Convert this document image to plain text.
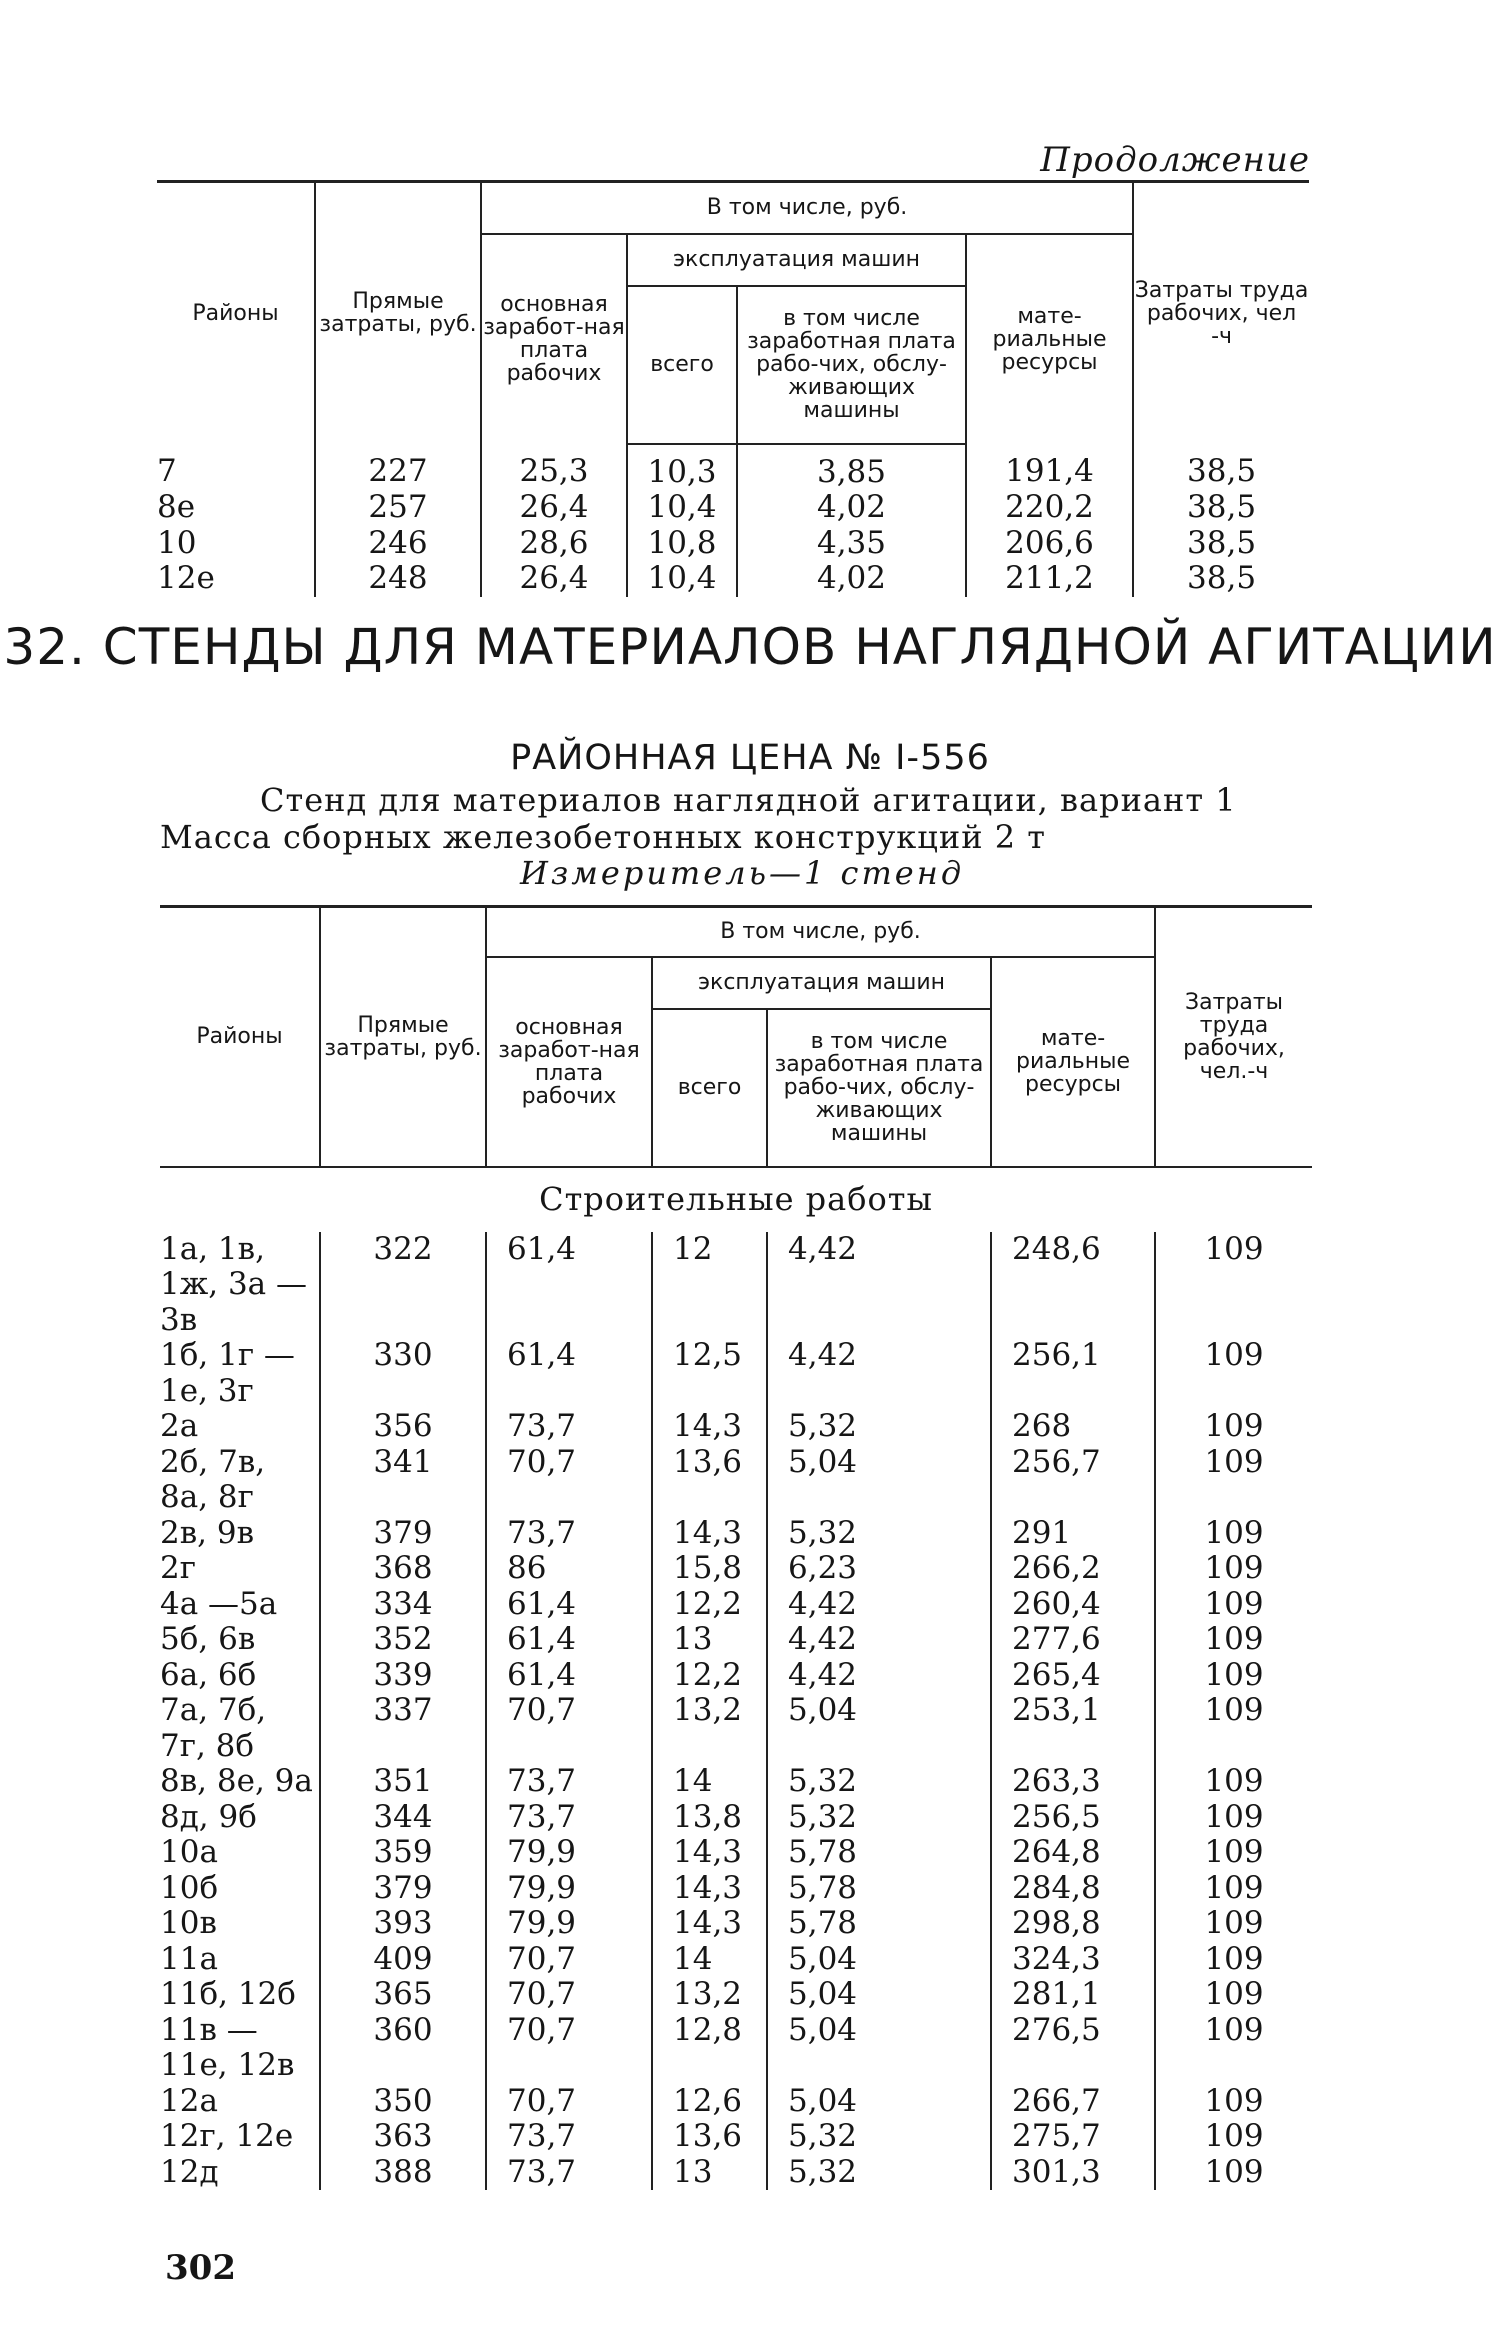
Продолжение
Районы	Прямые затраты, руб.	В том числе, руб.				Затраты труда рабочих, чел -ч
		основная заработ-ная плата рабочих	эксплуатация машин		мате-риальные ресурсы	
			всего	в том числе заработная плата рабо-чих, обслу-живающих машины		
7	227	25,3	10,3	3,85	191,4	38,5
8е	257	26,4	10,4	4,02	220,2	38,5
10	246	28,6	10,8	4,35	206,6	38,5
12е	248	26,4	10,4	4,02	211,2	38,5
32. СТЕНДЫ ДЛЯ МАТЕРИАЛОВ НАГЛЯДНОЙ АГИТАЦИИ
РАЙОННАЯ ЦЕНА № I-556
Стенд для материалов наглядной агитации, вариант 1
Масса сборных железобетонных конструкций 2 т
Измеритель—1 стенд
Районы	Прямые затраты, руб.	В том числе, руб.				Затраты труда рабочих, чел.-ч
		основная заработ-ная плата рабочих	эксплуатация машин		мате-риальные ресурсы	
			всего	в том числе заработная плата рабо-чих, обслу-живающих машины		
Строительные работы						
1а, 1в, 1ж, 3а —3в	322	61,4	12	4,42	248,6	109
1б, 1г — 1е, 3г	330	61,4	12,5	4,42	256,1	109
2а	356	73,7	14,3	5,32	268	109
2б, 7в, 8а, 8г	341	70,7	13,6	5,04	256,7	109
2в, 9в	379	73,7	14,3	5,32	291	109
2г	368	86	15,8	6,23	266,2	109
4а —5а	334	61,4	12,2	4,42	260,4	109
5б, 6в	352	61,4	13	4,42	277,6	109
6а, 6б	339	61,4	12,2	4,42	265,4	109
7а, 7б, 7г, 8б	337	70,7	13,2	5,04	253,1	109
8в, 8е, 9а	351	73,7	14	5,32	263,3	109
8д, 9б	344	73,7	13,8	5,32	256,5	109
10а	359	79,9	14,3	5,78	264,8	109
10б	379	79,9	14,3	5,78	284,8	109
10в	393	79,9	14,3	5,78	298,8	109
11а	409	70,7	14	5,04	324,3	109
11б, 12б	365	70,7	13,2	5,04	281,1	109
11в —11е, 12в	360	70,7	12,8	5,04	276,5	109
12а	350	70,7	12,6	5,04	266,7	109
12г, 12е	363	73,7	13,6	5,32	275,7	109
12д	388	73,7	13	5,32	301,3	109
302
